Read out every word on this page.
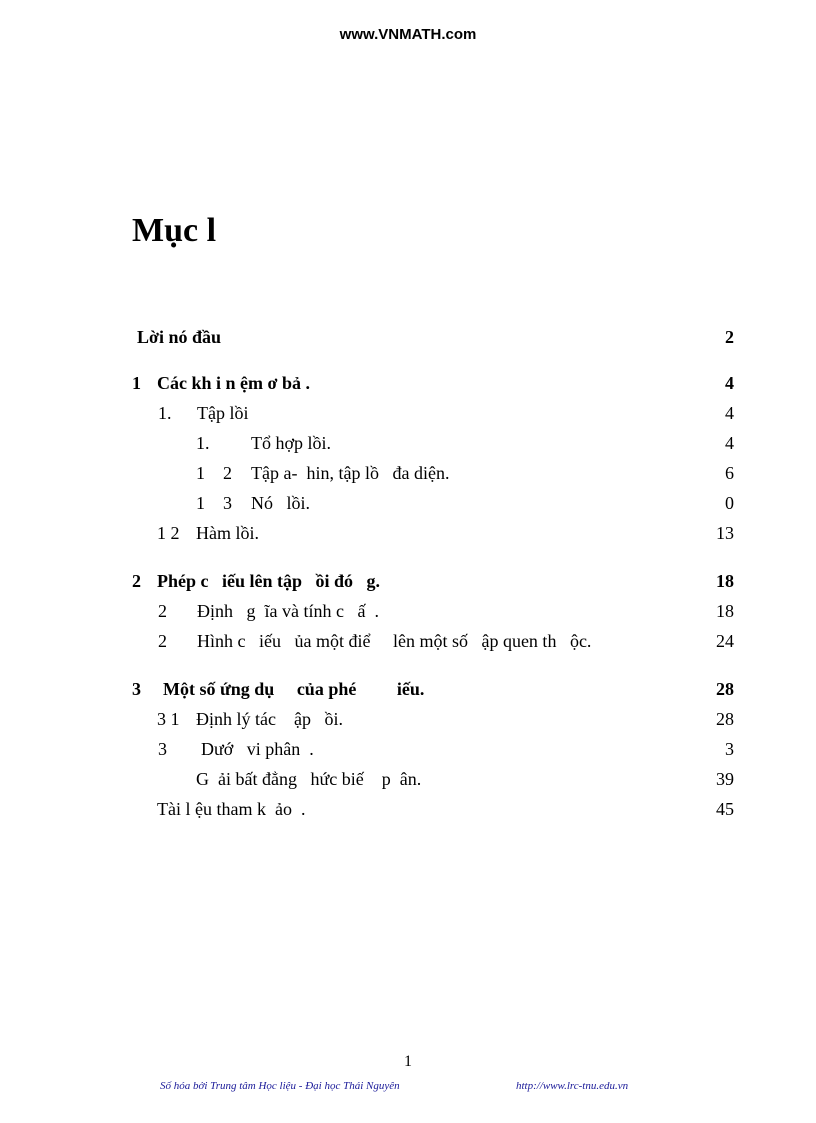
www.VNMATH.com
Mục l
Lời nó đầu	2
1 Các kh i n ệm ơ bả .	4
1. Tập lồi	4
1. Tổ hợp lồi.	4
1    2 Tập a-  hin, tập lồ   đa diện.	6
1    3 Nó   lồi.	0
1 2 Hàm lồi.	13
2 Phép c   iếu lên tập   ồi đó   g.	18
2 Định   g  ĩa và tính c   ấ  .	18
2 Hình c   iếu   ủa một điể     lên một số   ập quen th   ộc.	24
3 Một số ứng dụ     của phé         iếu.	28
3 1 Định lý tác    ập   ồi.	28
3 Dướ   vi phân  .	3
G  ải bất đẳng   hức biế    p  ân.	39
Tài l ệu tham k  ảo  .	45
1
Số hóa bởi Trung tâm Học liệu - Đại học Thái Nguyên	http://www.lrc-tnu.edu.vn
